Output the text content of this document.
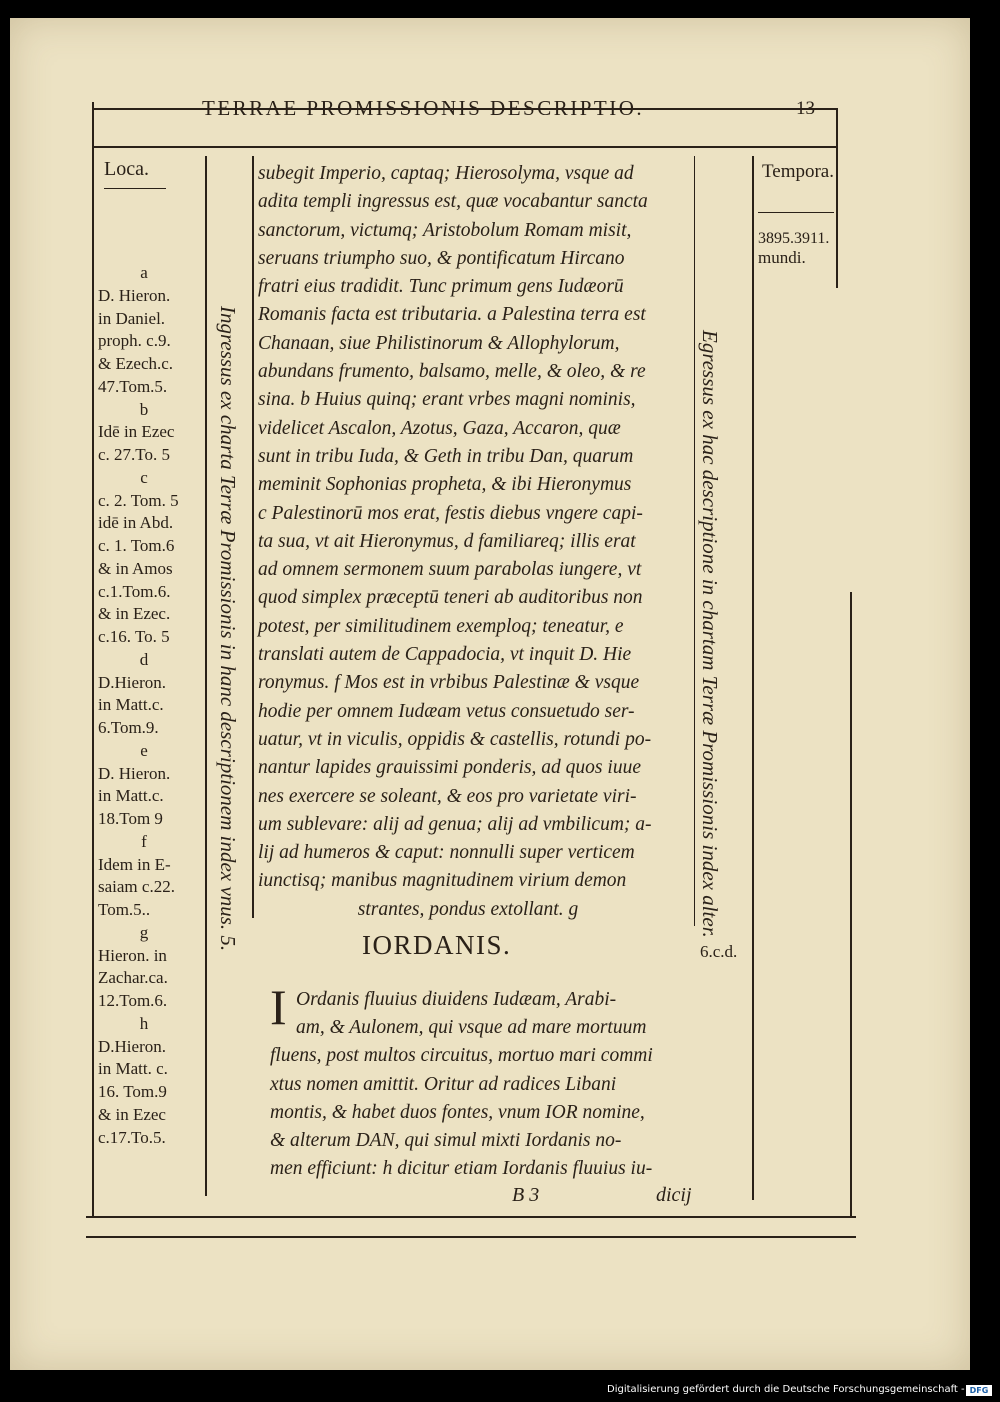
TERRAE PROMISSIONIS DESCRIPTIO.	13
Loca.
a
D. Hieron.
in Daniel.
proph. c.9.
& Ezech.c.
47.Tom.5.
b
Idē in Ezec
c. 27.To. 5
c
c. 2. Tom. 5
idē in Abd.
c. 1. Tom.6
& in Amos
c.1.Tom.6.
& in Ezec.
c.16. To. 5
d
D.Hieron.
in Matt.c.
6.Tom.9.
e
D. Hieron.
in Matt.c.
18.Tom 9
f
Idem in E-
saiam c.22.
Tom.5..
g
Hieron. in
Zachar.ca.
12.Tom.6.
h
D.Hieron.
in Matt. c.
16. Tom.9
& in Ezec
c.17.To.5.
Tempora.
3895.3911.
mundi.
6.c.d.
Ingressus ex charta Terræ Promissionis in hanc descriptionem index vnus. 5.	Egressus ex hac descriptione in chartam Terræ Promissionis index alter.
subegit Imperio, captaq; Hierosolyma, vsque ad
adita templi ingressus est, quæ vocabantur sancta
sanctorum, victumq; Aristobolum Romam misit,
seruans triumpho suo, & pontificatum Hircano
fratri eius tradidit. Tunc primum gens Iudæorū
Romanis facta est tributaria. a Palestina terra est
Chanaan, siue Philistinorum & Allophylorum,
abundans frumento, balsamo, melle, & oleo, & re
sina. b Huius quinq; erant vrbes magni nominis,
videlicet Ascalon, Azotus, Gaza, Accaron, quæ
sunt in tribu Iuda, & Geth in tribu Dan, quarum
meminit Sophonias propheta, & ibi Hieronymus
c Palestinorū mos erat, festis diebus vngere capi-
ta sua, vt ait Hieronymus, d familiareq; illis erat
ad omnem sermonem suum parabolas iungere, vt
quod simplex præceptū teneri ab auditoribus non
potest, per similitudinem exemploq; teneatur, e
translati autem de Cappadocia, vt inquit D. Hie
ronymus. f Mos est in vrbibus Palestinæ & vsque
hodie per omnem Iudæam vetus consuetudo ser-
uatur, vt in viculis, oppidis & castellis, rotundi po-
nantur lapides grauissimi ponderis, ad quos iuue
nes exercere se soleant, & eos pro varietate viri-
um sublevare: alij ad genua; alij ad vmbilicum; a-
lij ad humeros & caput: nonnulli super verticem
iunctisq; manibus magnitudinem virium demon
strantes, pondus extollant. g
IORDANIS.
I Ordanis fluuius diuidens Iudæam, Arabi-
am, & Aulonem, qui vsque ad mare mortuum
fluens, post multos circuitus, mortuo mari commi
xtus nomen amittit. Oritur ad radices Libani
montis, & habet duos fontes, vnum IOR nomine,
& alterum DAN, qui simul mixti Iordanis no-
men efficiunt: h dicitur etiam Iordanis fluuius iu-
B 3	dicij
Digitalisierung gefördert durch die Deutsche Forschungsgemeinschaft - DFG
